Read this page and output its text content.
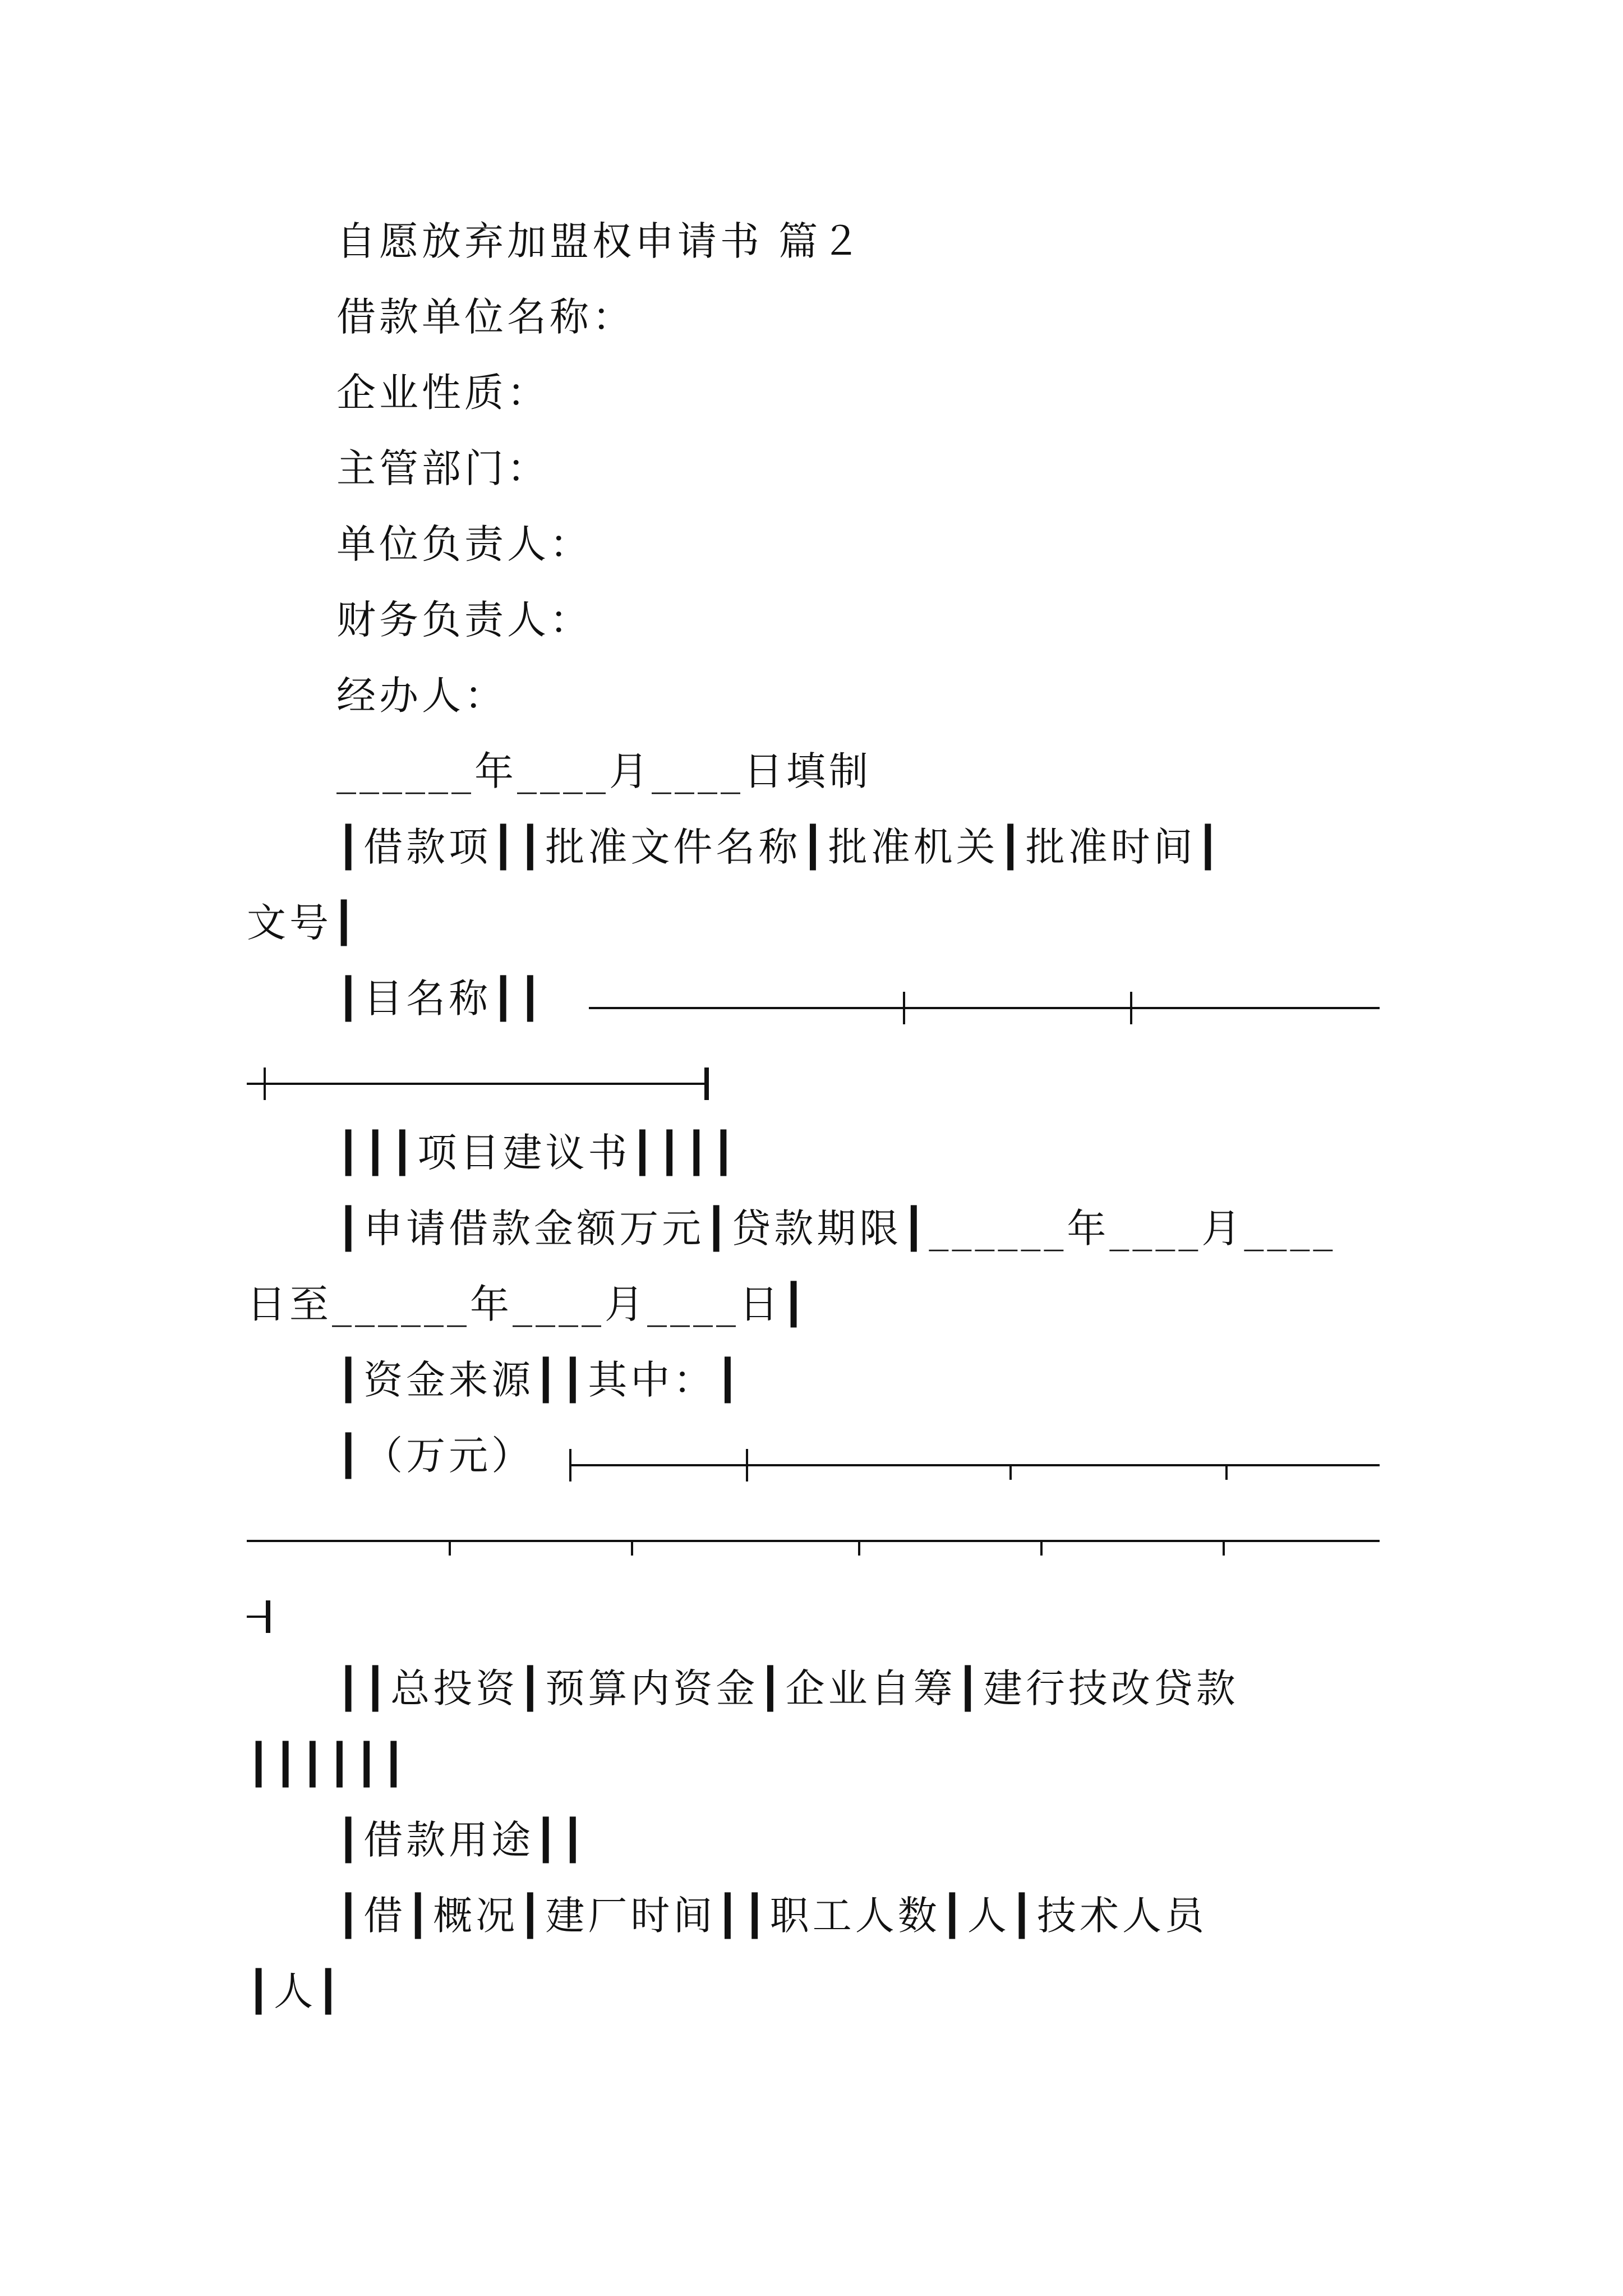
自愿放弃加盟权申请书 篇２
借款单位名称：
企业性质：
主管部门：
单位负责人：
财务负责人：
经办人：
______年____月____日填制
┃借款项┃┃批准文件名称┃批准机关┃批准时间┃
文号┃
┃目名称┃┃
┃┃┃项目建议书┃┃┃┃
┃申请借款金额万元┃贷款期限┃______年____月____
日至______年____月____日┃
┃资金来源┃┃其中：┃
┃（万元）
┃┃总投资┃预算内资金┃企业自筹┃建行技改贷款
┃┃┃┃┃┃
┃借款用途┃┃
┃借┃概况┃建厂时间┃┃职工人数┃人┃技术人员
┃人┃
